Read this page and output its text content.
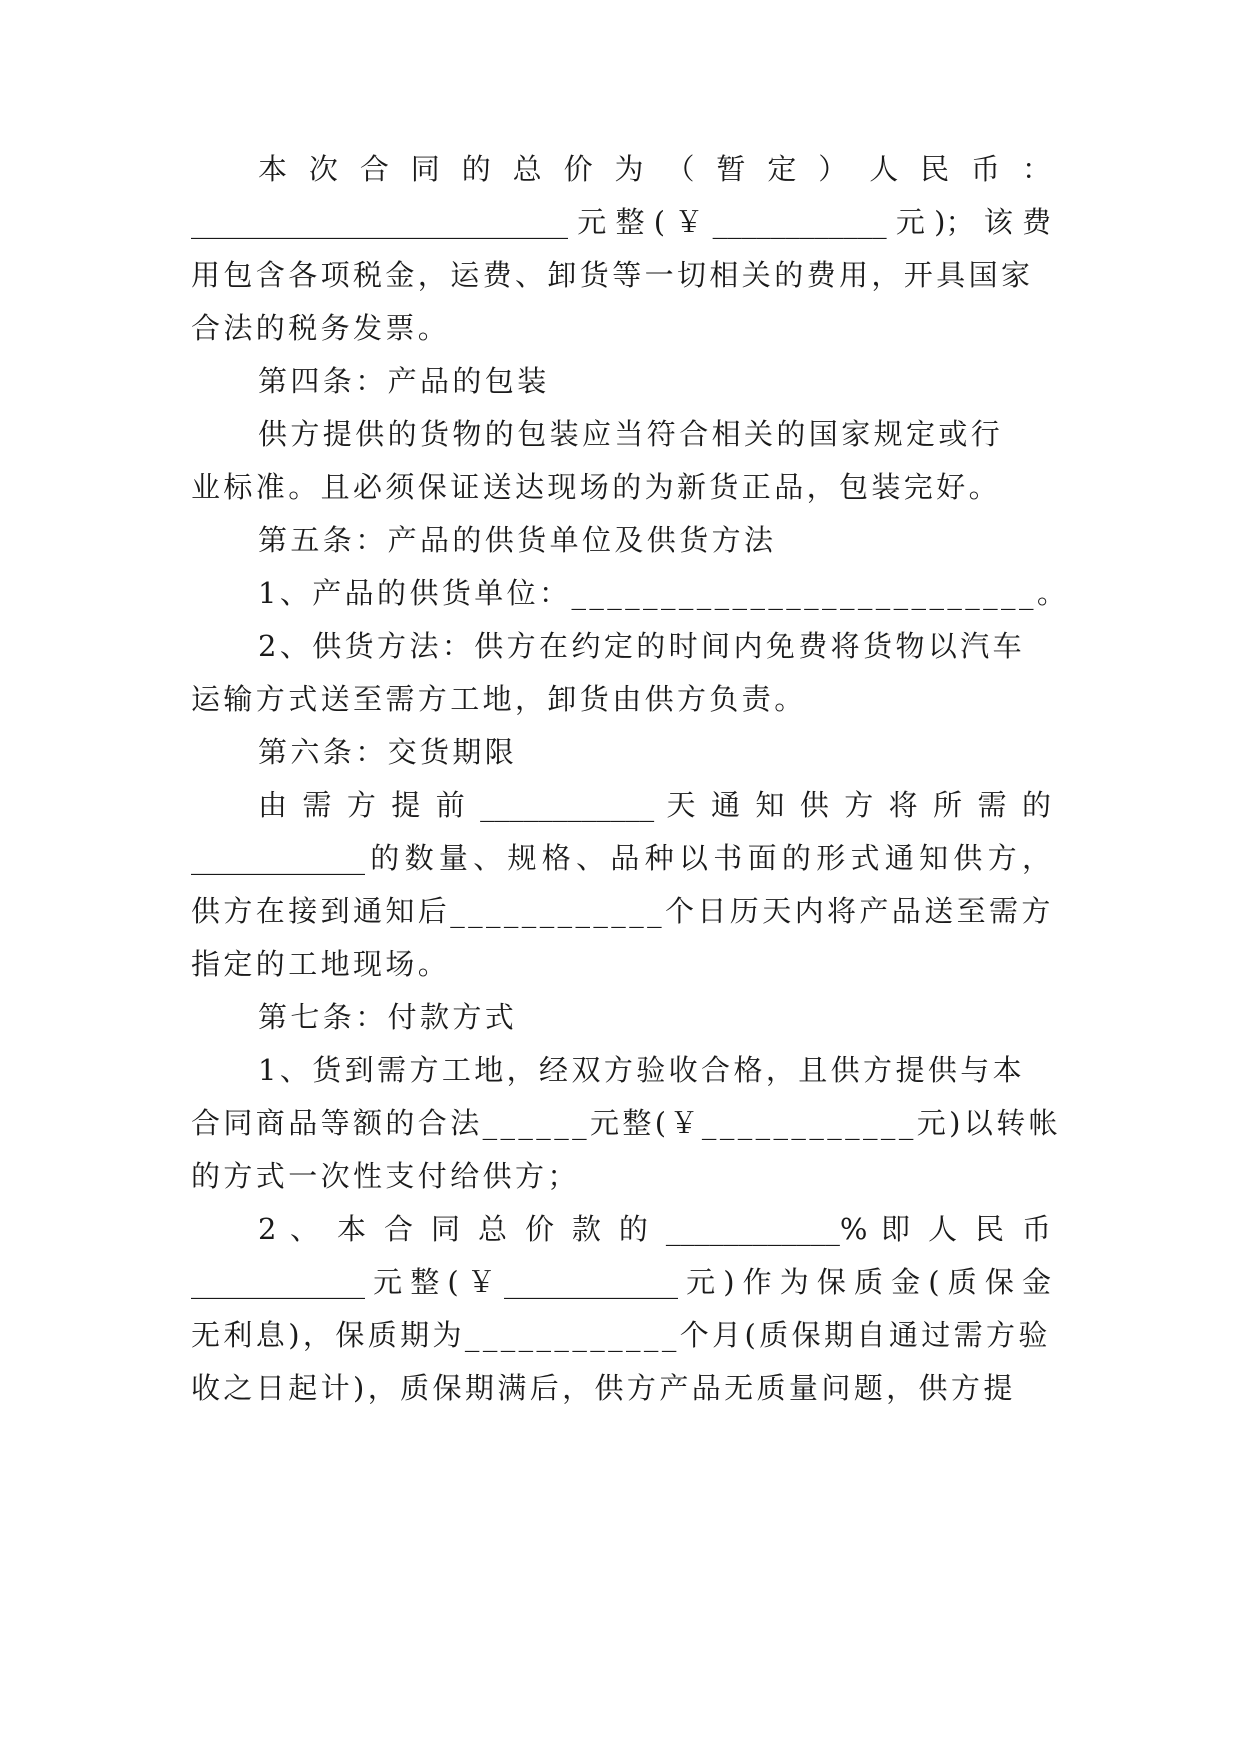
本 次 合 同 的 总 价 为 （ 暂 定 ） 人 民 币 ：
__________________________元整(￥____________元)；该费
用包含各项税金，运费、卸货等一切相关的费用，开具国家
合法的税务发票。
第四条：产品的包装
供方提供的货物的包装应当符合相关的国家规定或行
业标准。且必须保证送达现场的为新货正品，包装完好。
第五条：产品的供货单位及供货方法
1、产品的供货单位：__________________________。
2、供货方法：供方在约定的时间内免费将货物以汽车
运输方式送至需方工地，卸货由供方负责。
第六条：交货期限
由 需 方 提 前 ____________ 天 通 知 供 方 将 所 需 的
____________的数量、规格、品种以书面的形式通知供方，
供方在接到通知后____________个日历天内将产品送至需方
指定的工地现场。
第七条：付款方式
1、货到需方工地，经双方验收合格，且供方提供与本
合同商品等额的合法______元整(￥____________元)以转帐
的方式一次性支付给供方；
2 、 本 合 同 总 价 款 的 ____________% 即 人 民 币
____________元整(￥____________元)作为保质金(质保金
无利息)，保质期为____________个月(质保期自通过需方验
收之日起计)，质保期满后，供方产品无质量问题，供方提
